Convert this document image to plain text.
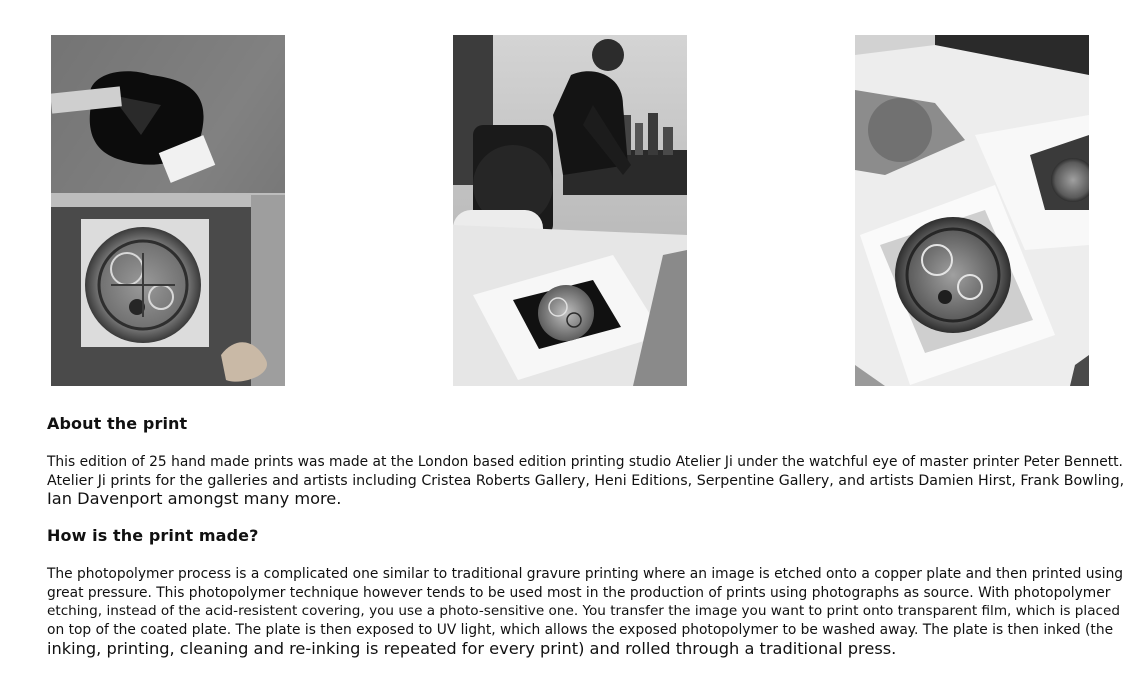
About the print
This edition of 25 hand made prints was made at the London based edition printing studio Atelier Ji under the watchful eye of master printer Peter Bennett.
Atelier Ji prints for the galleries and artists including Cristea Roberts Gallery, Heni Editions, Serpentine Gallery, and artists Damien Hirst, Frank Bowling,
Ian Davenport amongst many more.
How is the print made?
The photopolymer process is a complicated one similar to traditional gravure printing where an image is etched onto a copper plate and then printed using
great pressure. This photopolymer technique however tends to be used most in the production of prints using photographs as source. With photopolymer
etching, instead of the acid-resistent covering, you use a photo-sensitive one. You transfer the image you want to print onto transparent film, which is placed
on top of the coated plate. The plate is then exposed to UV light, which allows the exposed photopolymer to be washed away. The plate is then inked (the
inking, printing, cleaning and re-inking is repeated for every print) and rolled through a traditional press.
